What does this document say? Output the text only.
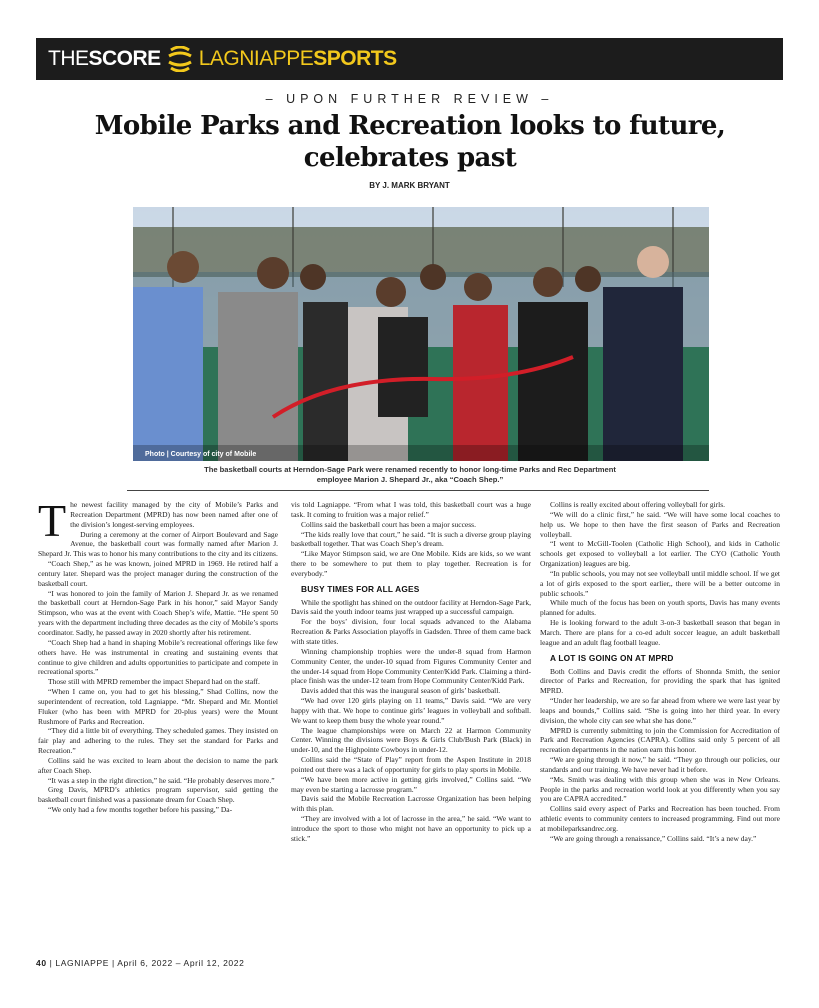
THE SCORE LAGNIAPPE SPORTS
– UPON FURTHER REVIEW –
Mobile Parks and Recreation looks to future, celebrates past
BY J. MARK BRYANT
Photo | Courtesy of city of Mobile
The basketball courts at Herndon-Sage Park were renamed recently to honor long-time Parks and Rec Department employee Marion J. Shepard Jr., aka “Coach Shep.”

The newest facility managed by the city of Mobile’s Parks and Recreation Department (MPRD) has now been named after one of the division’s longest-serving employees.

During a ceremony at the corner of Airport Boulevard and Sage Avenue, the basketball court was formally named after Marion J. Shepard Jr. This was to honor his many contributions to the city and its citizens.

“Coach Shep,” as he was known, joined MPRD in 1969. He retired half a century later. Shepard was the project manager during the construction of the basketball court.

“I was honored to join the family of Marion J. Shepard Jr. as we renamed the basketball court at Herndon-Sage Park in his honor,” said Mayor Sandy Stimpson, who was at the event with Coach Shep’s wife, Mattie. “He spent 50 years with the department including three decades as the city of Mobile’s sports coordinator. Sadly, he passed away in 2020 shortly after his retirement.

“Coach Shep had a hand in shaping Mobile’s recreational offerings like few others have. He was instrumental in creating and sustaining events that continue to give children and adults opportunities to participate and compete in recreational sports.”

Those still with MPRD remember the impact Shepard had on the staff.

“When I came on, you had to get his blessing,” Shad Collins, now the superintendent of recreation, told Lagniappe. “Mr. Shepard and Mr. Montiel Fluker (who has been with MPRD for 20-plus years) were the Mount Rushmore of Parks and Recreation.

“They did a little bit of everything. They scheduled games. They insisted on fair play and adhering to the rules. They set the standard for Parks and Recreation.”

Collins said he was excited to learn about the decision to name the park after Coach Shep.

“It was a step in the right direction,” he said. “He probably deserves more.”

Greg Davis, MPRD’s athletics program supervisor, said getting the basketball court finished was a passionate dream for Coach Shep.

“We only had a few months together before his passing,” Da-

vis told Lagniappe. “From what I was told, this basketball court was a huge task. It coming to fruition was a major relief.”

Collins said the basketball court has been a major success.

“The kids really love that court,” he said. “It is such a diverse group playing basketball together. That was Coach Shep’s dream.

“Like Mayor Stimpson said, we are One Mobile. Kids are kids, so we want there to be somewhere to put them to play together. Recreation is for everybody.”

BUSY TIMES FOR ALL AGES

While the spotlight has shined on the outdoor facility at Herndon-Sage Park, Davis said the youth indoor teams just wrapped up a successful campaign.

For the boys’ division, four local squads advanced to the Alabama Recreation & Parks Association playoffs in Gadsden. Three of them came back with state titles.

Winning championship trophies were the under-8 squad from Harmon Community Center, the under-10 squad from Figures Community Center and the under-14 squad from Hope Community Center/Kidd Park. Claiming a third-place finish was the under-12 team from Hope Community Center/Kidd Park.

Davis added that this was the inaugural season of girls’ basketball.

“We had over 120 girls playing on 11 teams,” Davis said. “We are very happy with that. We hope to continue girls’ leagues in volleyball and softball. We want to keep them busy the whole year round.”

The league championships were on March 22 at Harmon Community Center. Winning the divisions were Boys & Girls Club/Bush Park (Black) in under-10, and the Highpointe Cowboys in under-12.

Collins said the “State of Play” report from the Aspen Institute in 2018 pointed out there was a lack of opportunity for girls to play sports in Mobile.

“We have been more active in getting girls involved,” Collins said. “We may even be starting a lacrosse program.”

Davis said the Mobile Recreation Lacrosse Organization has been helping with this plan.

“They are involved with a lot of lacrosse in the area,” he said. “We want to introduce the sport to those who might not have an opportunity to pick up a stick.”

Collins is really excited about offering volleyball for girls.

“We will do a clinic first,” he said. “We will have some local coaches to help us. We hope to then have the first season of Parks and Recreation volleyball.

“I went to McGill-Toolen (Catholic High School), and kids in Catholic schools get exposed to volleyball a lot earlier. The CYO (Catholic Youth Organization) leagues are big.

“In public schools, you may not see volleyball until middle school. If we get a lot of girls exposed to the sport earlier,, there will be a better outcome in public schools.”

While much of the focus has been on youth sports, Davis has many events planned for adults.

He is looking forward to the adult 3-on-3 basketball season that began in March. There are plans for a co-ed adult soccer league, an adult basketball league and an adult flag football league.

A LOT IS GOING ON AT MPRD

Both Collins and Davis credit the efforts of Shonnda Smith, the senior director of Parks and Recreation, for providing the spark that has ignited MPRD.

“Under her leadership, we are so far ahead from where we were last year by leaps and bounds,” Collins said. “She is going into her third year. In every division, the whole city can see what she has done.”

MPRD is currently submitting to join the Commission for Accreditation of Park and Recreation Agencies (CAPRA). Collins said only 5 percent of all recreation departments in the nation earn this honor.

“We are going through it now,” he said. “They go through our policies, our standards and our training. We have never had it before.

“Ms. Smith was dealing with this group when she was in New Orleans. People in the parks and recreation world look at you differently when you say you are CAPRA accredited.”

Collins said every aspect of Parks and Recreation has been touched. From athletic events to community centers to increased programming. Find out more at mobileparksandrec.org.

“We are going through a renaissance,” Collins said. “It’s a new day.”

40 | LAGNIAPPE | April 6, 2022 – April 12, 2022
